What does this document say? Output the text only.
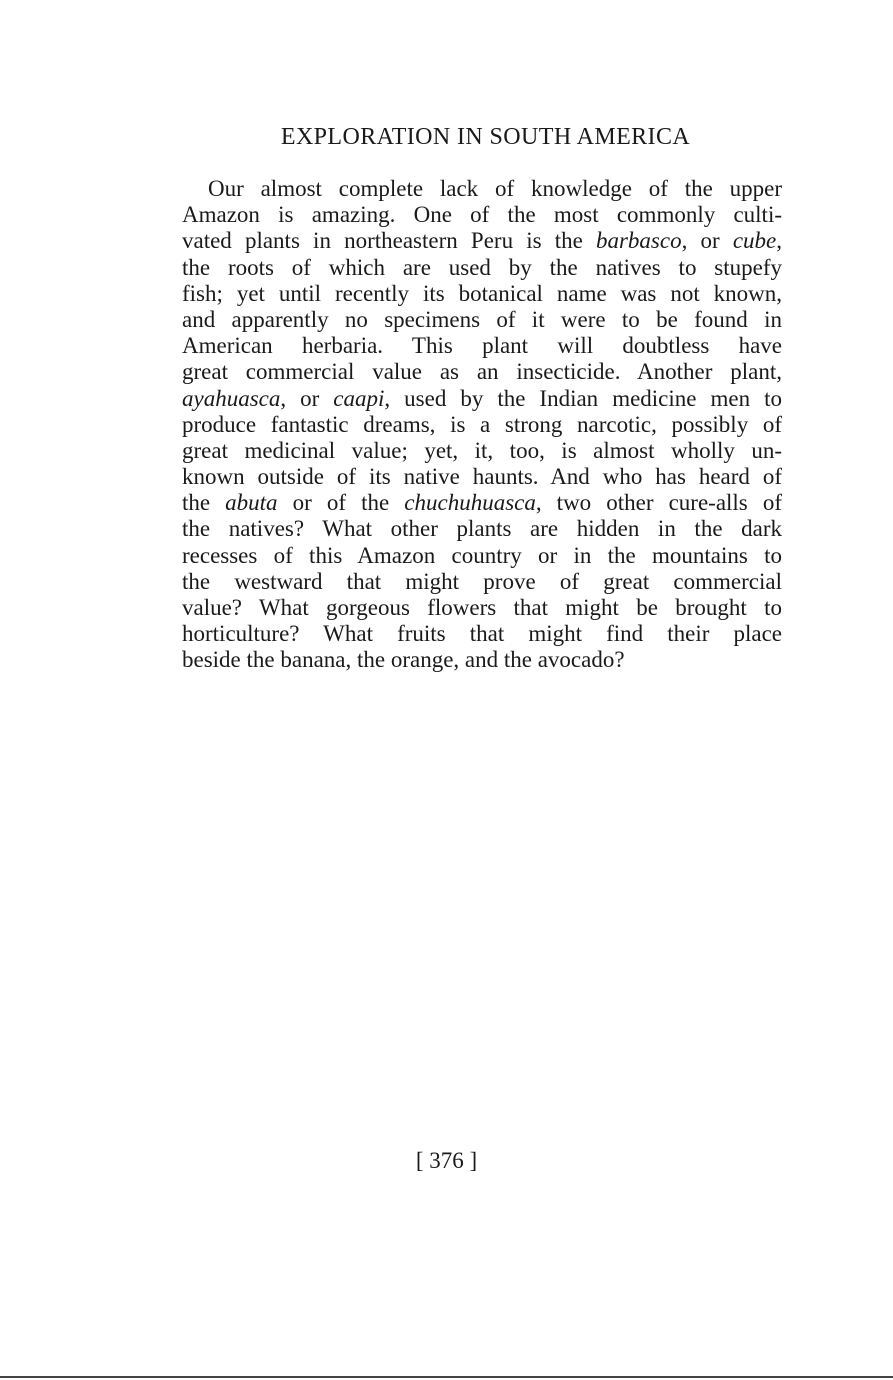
EXPLORATION IN SOUTH AMERICA
Our almost complete lack of knowledge of the upper
Amazon is amazing. One of the most commonly culti-
vated plants in northeastern Peru is the barbasco, or cube,
the roots of which are used by the natives to stupefy
fish; yet until recently its botanical name was not known,
and apparently no specimens of it were to be found in
American herbaria. This plant will doubtless have
great commercial value as an insecticide. Another plant,
ayahuasca, or caapi, used by the Indian medicine men to
produce fantastic dreams, is a strong narcotic, possibly of
great medicinal value; yet, it, too, is almost wholly un-
known outside of its native haunts. And who has heard of
the abuta or of the chuchuhuasca, two other cure-alls of
the natives? What other plants are hidden in the dark
recesses of this Amazon country or in the mountains to
the westward that might prove of great commercial
value? What gorgeous flowers that might be brought to
horticulture? What fruits that might find their place
beside the banana, the orange, and the avocado?
[ 376 ]
